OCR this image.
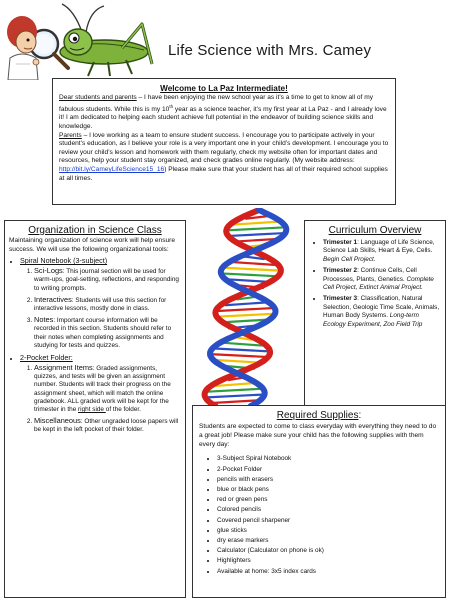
Life Science with Mrs. Camey
Welcome to La Paz Intermediate!

Dear students and parents – I have been enjoying the new school year as it’s a time to get to know all of my fabulous students. While this is my 10th year as a science teacher, it’s my first year at La Paz - and I already love it! I am dedicated to helping each student achieve full potential in the endeavor of building science skills and knowledge.

Parents – I love working as a team to ensure student success. I encourage you to participate actively in your student’s education, as I believe your role is a very important one in your child’s development. I encourage you to review your child’s lesson and homework with them regularly, check my website often for important dates and resources, help your student stay organized, and check grades online regularly. (My website address: http://bit.ly/CameyLifeScience15_16) Please make sure that your student has all of their required school supplies at all times.

Organization in Science Class
Maintaining organization of science work will help ensure success. We will use the following organizational tools:
• Spiral Notebook (3-subject)
1. Sci-Logs: This journal section will be used for warm-ups, goal-setting, reflections, and responding to writing prompts.
2. Interactives: Students will use this section for interactive lessons, mostly done in class.
3. Notes: Important course information will be recorded in this section. Students should refer to their notes when completing assignments and studying for tests and quizzes.
• 2-Pocket Folder:
1. Assignment Items: Graded assignments, quizzes, and tests will be given an assignment number. Students will track their progress on the assignment sheet, which will match the online gradebook. ALL graded work will be kept for the trimester in the right side of the folder.
2. Miscellaneous: Other ungraded loose papers will be kept in the left pocket of their folder.
Curriculum Overview
• Trimester 1: Language of Life Science, Science Lab Skills, Heart & Eye, Cells. Begin Cell Project.
• Trimester 2: Continue Cells, Cell Processes, Plants, Genetics. Complete Cell Project, Extinct Animal Project.
• Trimester 3: Classification, Natural Selection, Geologic Time Scale, Animals, Human Body Systems. Long-term Ecology Experiment, Zoo Field Trip
Required Supplies:
Students are expected to come to class everyday with everything they need to do a great job! Please make sure your child has the following supplies with them every day:
• 3-Subject Spiral Notebook
• 2-Pocket Folder
• pencils with erasers
• blue or black pens
• red or green pens
• Colored pencils
• Covered pencil sharpener
• glue sticks
• dry erase markers
• Calculator (Calculator on phone is ok)
• Highlighters
• Available at home: 3x5 index cards
